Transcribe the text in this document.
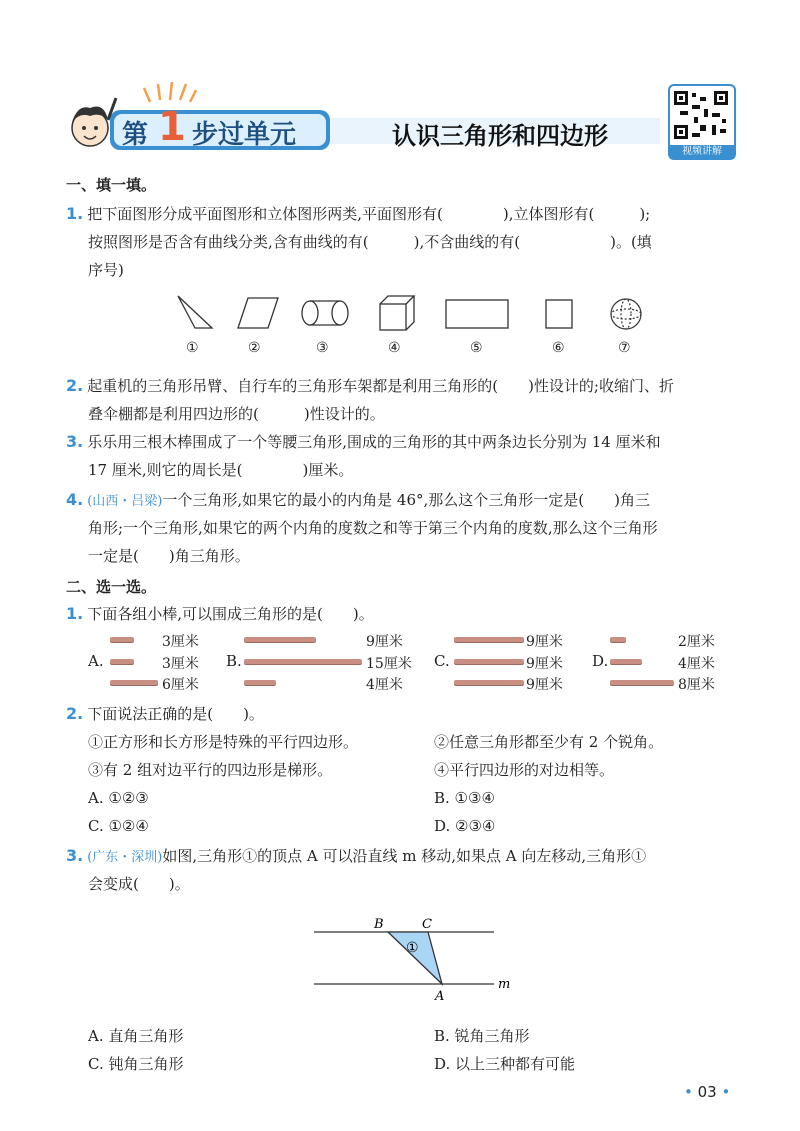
第 1 步过单元	认识三角形和四边形
视频讲解
一、填一填。
1. 把下面图形分成平面图形和立体图形两类,平面图形有(　　　　),立体图形有(　　　);
按照图形是否含有曲线分类,含有曲线的有(　　　),不含曲线的有(　　　　　　)。(填
序号)
①	②	③	④	⑤	⑥	⑦
2. 起重机的三角形吊臂、自行车的三角形车架都是利用三角形的(　　)性设计的;收缩门、折
叠伞棚都是利用四边形的(　　　)性设计的。
3. 乐乐用三根木棒围成了一个等腰三角形,围成的三角形的其中两条边长分别为 14 厘米和
17 厘米,则它的周长是(　　　　)厘米。
4. (山西・吕梁)一个三角形,如果它的最小的内角是 46°,那么这个三角形一定是(　　)角三
角形;一个三角形,如果它的两个内角的度数之和等于第三个内角的度数,那么这个三角形
一定是(　　)角三角形。
二、选一选。
1. 下面各组小棒,可以围成三角形的是(　　)。
A.
3厘米
3厘米
6厘米
B.
9厘米
15厘米
4厘米
C.
9厘米
9厘米
9厘米
D.
2厘米
4厘米
8厘米
2. 下面说法正确的是(　　)。
①正方形和长方形是特殊的平行四边形。	②任意三角形都至少有 2 个锐角。
③有 2 组对边平行的四边形是梯形。	④平行四边形的对边相等。
A. ①②③	B. ①③④
C. ①②④	D. ②③④
3. (广东・深圳)如图,三角形①的顶点 A 可以沿直线 m 移动,如果点 A 向左移动,三角形①
会变成(　　)。
B	C
A
m
①
A. 直角三角形	B. 锐角三角形
C. 钝角三角形	D. 以上三种都有可能
• 03 •
